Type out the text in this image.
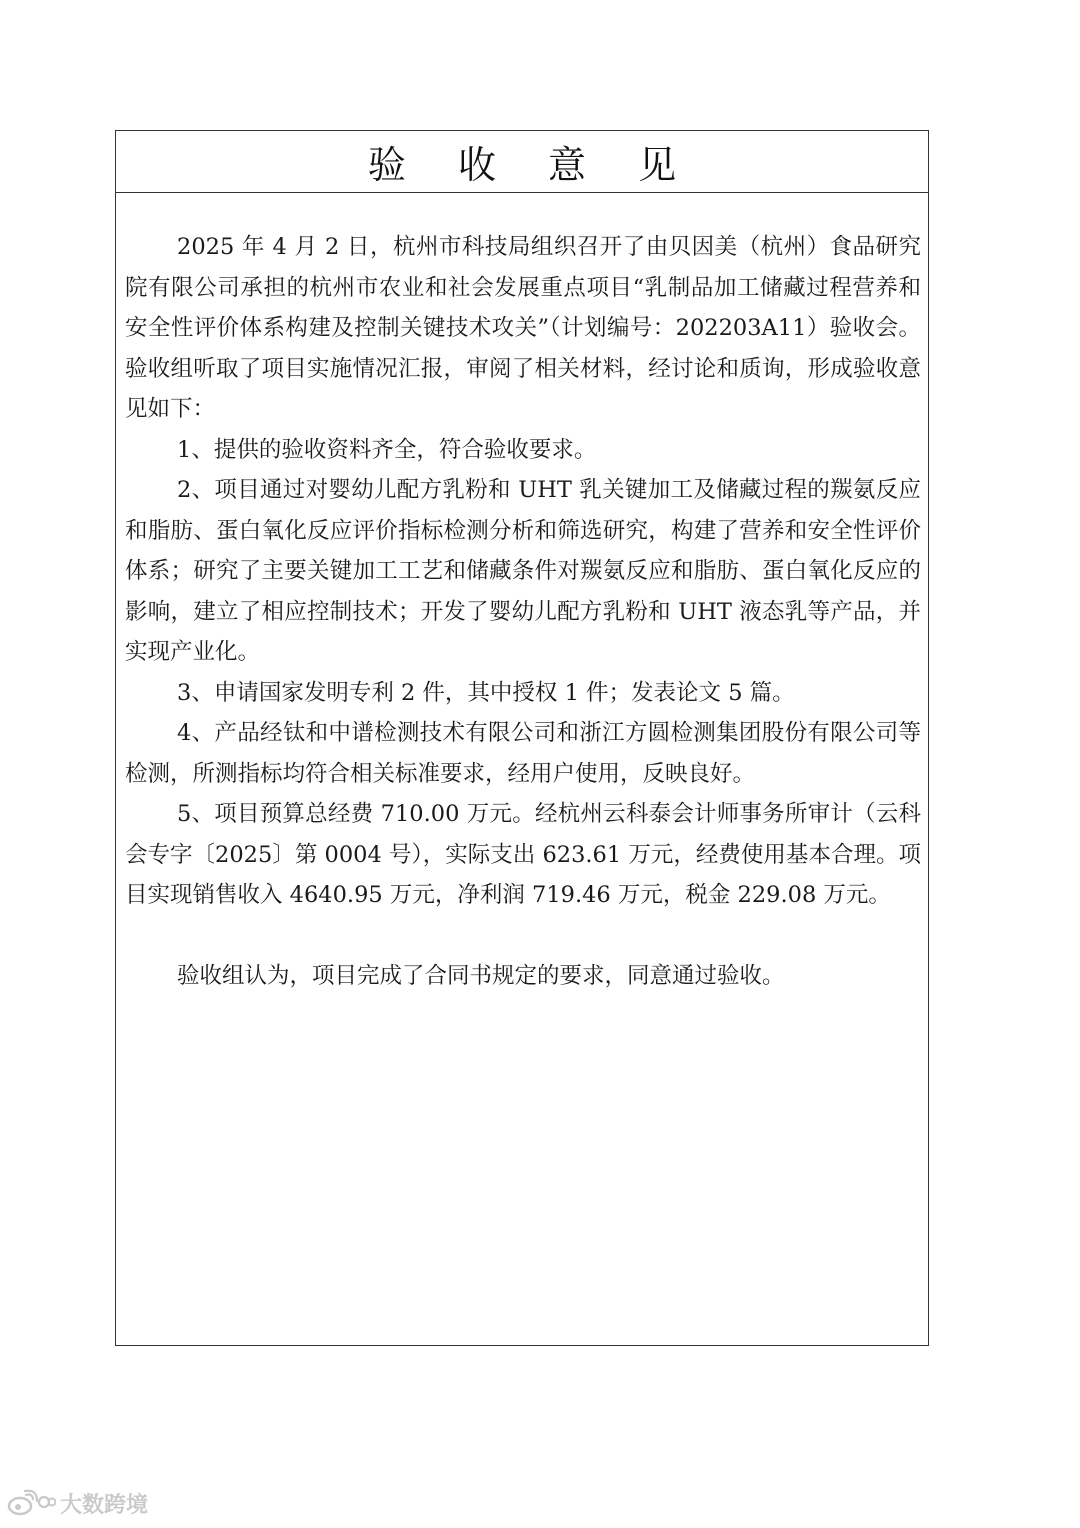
验 收 意 见

2025 年 4 月 2 日，杭州市科技局组织召开了由贝因美（杭州）食品研究院有限公司承担的杭州市农业和社会发展重点项目“乳制品加工储藏过程营养和安全性评价体系构建及控制关键技术攻关”（计划编号：202203A11）验收会。验收组听取了项目实施情况汇报，审阅了相关材料，经讨论和质询，形成验收意见如下：

1、提供的验收资料齐全，符合验收要求。

2、项目通过对婴幼儿配方乳粉和 UHT 乳关键加工及储藏过程的羰氨反应和脂肪、蛋白氧化反应评价指标检测分析和筛选研究，构建了营养和安全性评价体系；研究了主要关键加工工艺和储藏条件对羰氨反应和脂肪、蛋白氧化反应的影响，建立了相应控制技术；开发了婴幼儿配方乳粉和 UHT 液态乳等产品，并实现产业化。

3、申请国家发明专利 2 件，其中授权 1 件；发表论文 5 篇。

4、产品经钛和中谱检测技术有限公司和浙江方圆检测集团股份有限公司等检测，所测指标均符合相关标准要求，经用户使用，反映良好。

5、项目预算总经费 710.00 万元。经杭州云科泰会计师事务所审计（云科会专字〔2025〕第 0004 号），实际支出 623.61 万元，经费使用基本合理。项目实现销售收入 4640.95 万元，净利润 719.46 万元，税金 229.08 万元。

验收组认为，项目完成了合同书规定的要求，同意通过验收。

大数跨境
